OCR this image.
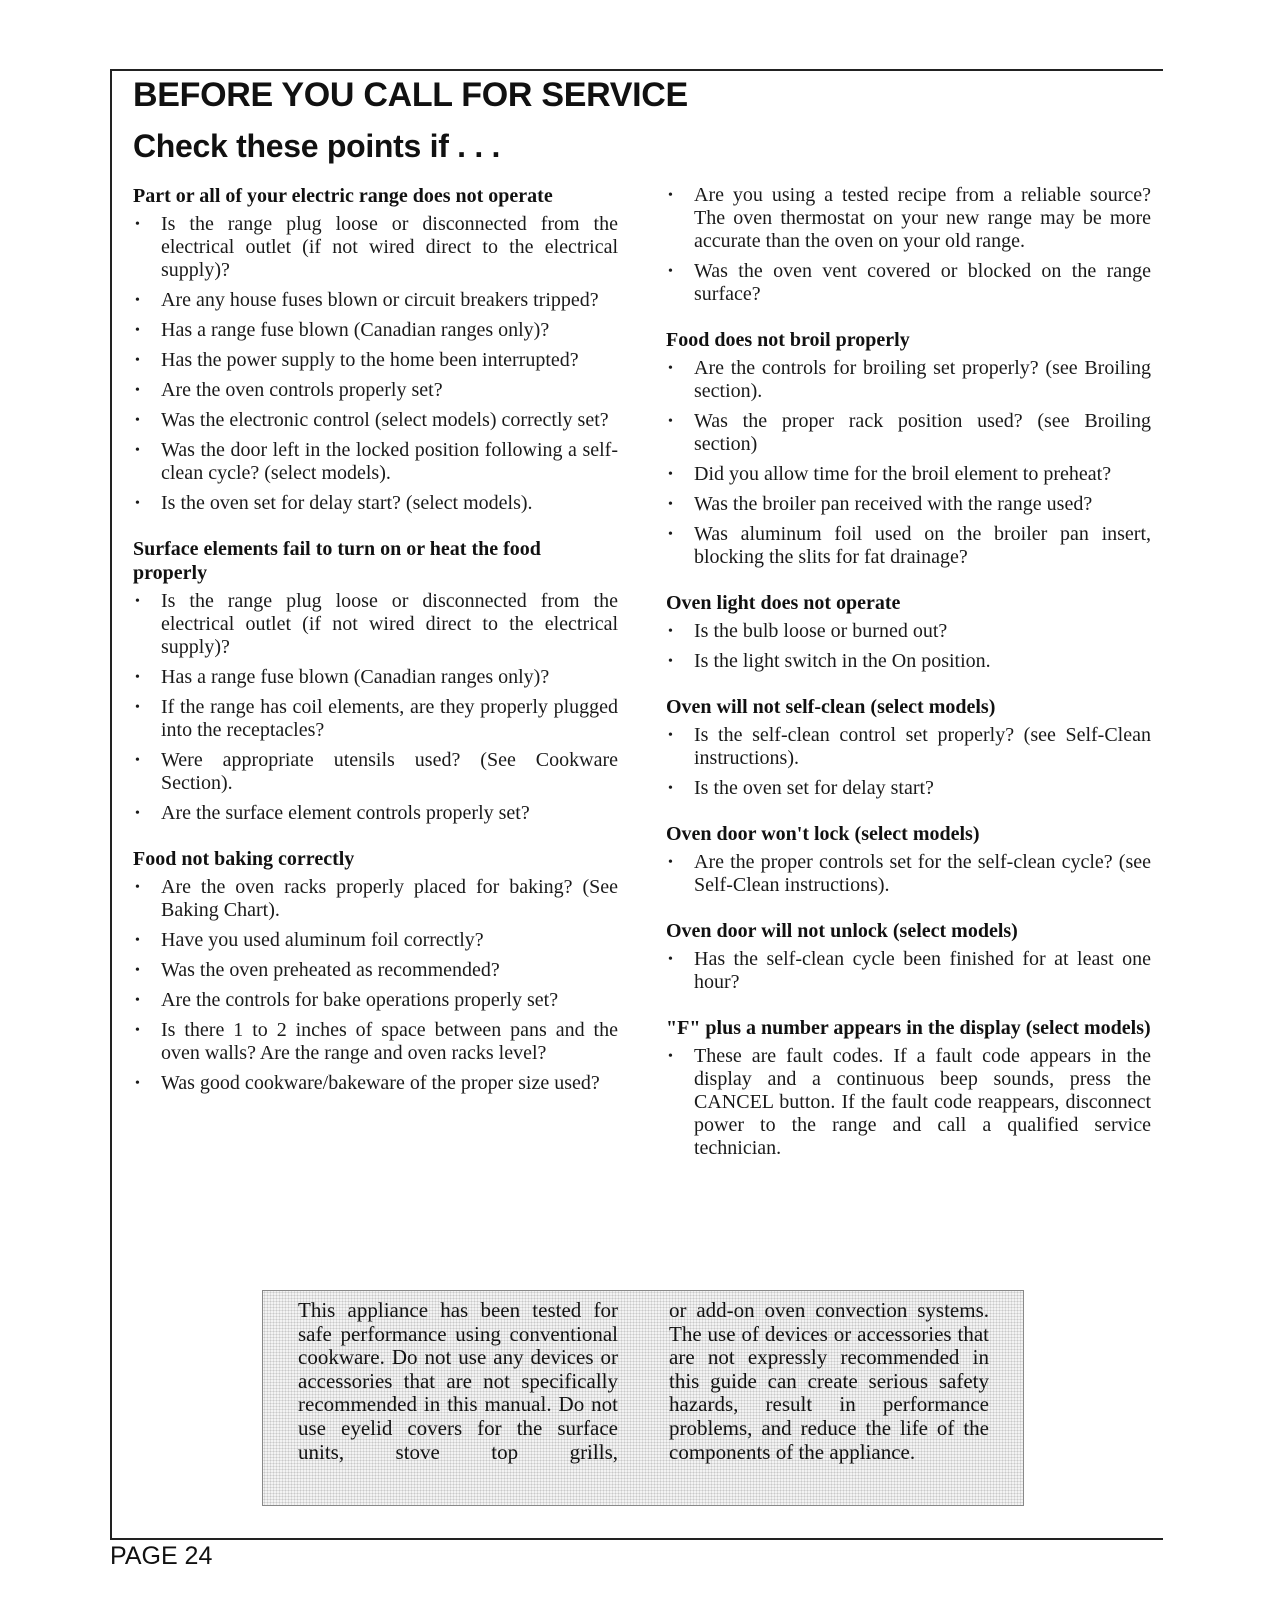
BEFORE YOU CALL FOR SERVICE
Check these points if . . .
Part or all of your electric range does not operate
• Is the range plug loose or disconnected from the electrical outlet (if not wired direct to the electrical supply)?
• Are any house fuses blown or circuit breakers tripped?
• Has a range fuse blown (Canadian ranges only)?
• Has the power supply to the home been interrupted?
• Are the oven controls properly set?
• Was the electronic control (select models) correctly set?
• Was the door left in the locked position following a self-clean cycle? (select models).
• Is the oven set for delay start? (select models).
Surface elements fail to turn on or heat the food properly
• Is the range plug loose or disconnected from the electrical outlet (if not wired direct to the electrical supply)?
• Has a range fuse blown (Canadian ranges only)?
• If the range has coil elements, are they properly plugged into the receptacles?
• Were appropriate utensils used? (See Cookware Section).
• Are the surface element controls properly set?
Food not baking correctly
• Are the oven racks properly placed for baking? (See Baking Chart).
• Have you used aluminum foil correctly?
• Was the oven preheated as recommended?
• Are the controls for bake operations properly set?
• Is there 1 to 2 inches of space between pans and the oven walls? Are the range and oven racks level?
• Was good cookware/bakeware of the proper size used?
• Are you using a tested recipe from a reliable source? The oven thermostat on your new range may be more accurate than the oven on your old range.
• Was the oven vent covered or blocked on the range surface?
Food does not broil properly
• Are the controls for broiling set properly? (see Broiling section).
• Was the proper rack position used? (see Broiling section)
• Did you allow time for the broil element to preheat?
• Was the broiler pan received with the range used?
• Was aluminum foil used on the broiler pan insert, blocking the slits for fat drainage?
Oven light does not operate
• Is the bulb loose or burned out?
• Is the light switch in the On position.
Oven will not self-clean (select models)
• Is the self-clean control set properly? (see Self-Clean instructions).
• Is the oven set for delay start?
Oven door won't lock (select models)
• Are the proper controls set for the self-clean cycle? (see Self-Clean instructions).
Oven door will not unlock (select models)
• Has the self-clean cycle been finished for at least one hour?
"F" plus a number appears in the display (select models)
• These are fault codes. If a fault code appears in the display and a continuous beep sounds, press the CANCEL button. If the fault code reappears, disconnect power to the range and call a qualified service technician.

This appliance has been tested for safe performance using conventional cookware. Do not use any devices or accessories that are not specifically recommended in this manual. Do not use eyelid covers for the surface units, stove top grills,

or add-on oven convection systems. The use of devices or accessories that are not expressly recommended in this guide can create serious safety hazards, result in performance problems, and reduce the life of the components of the appliance.

PAGE 24
